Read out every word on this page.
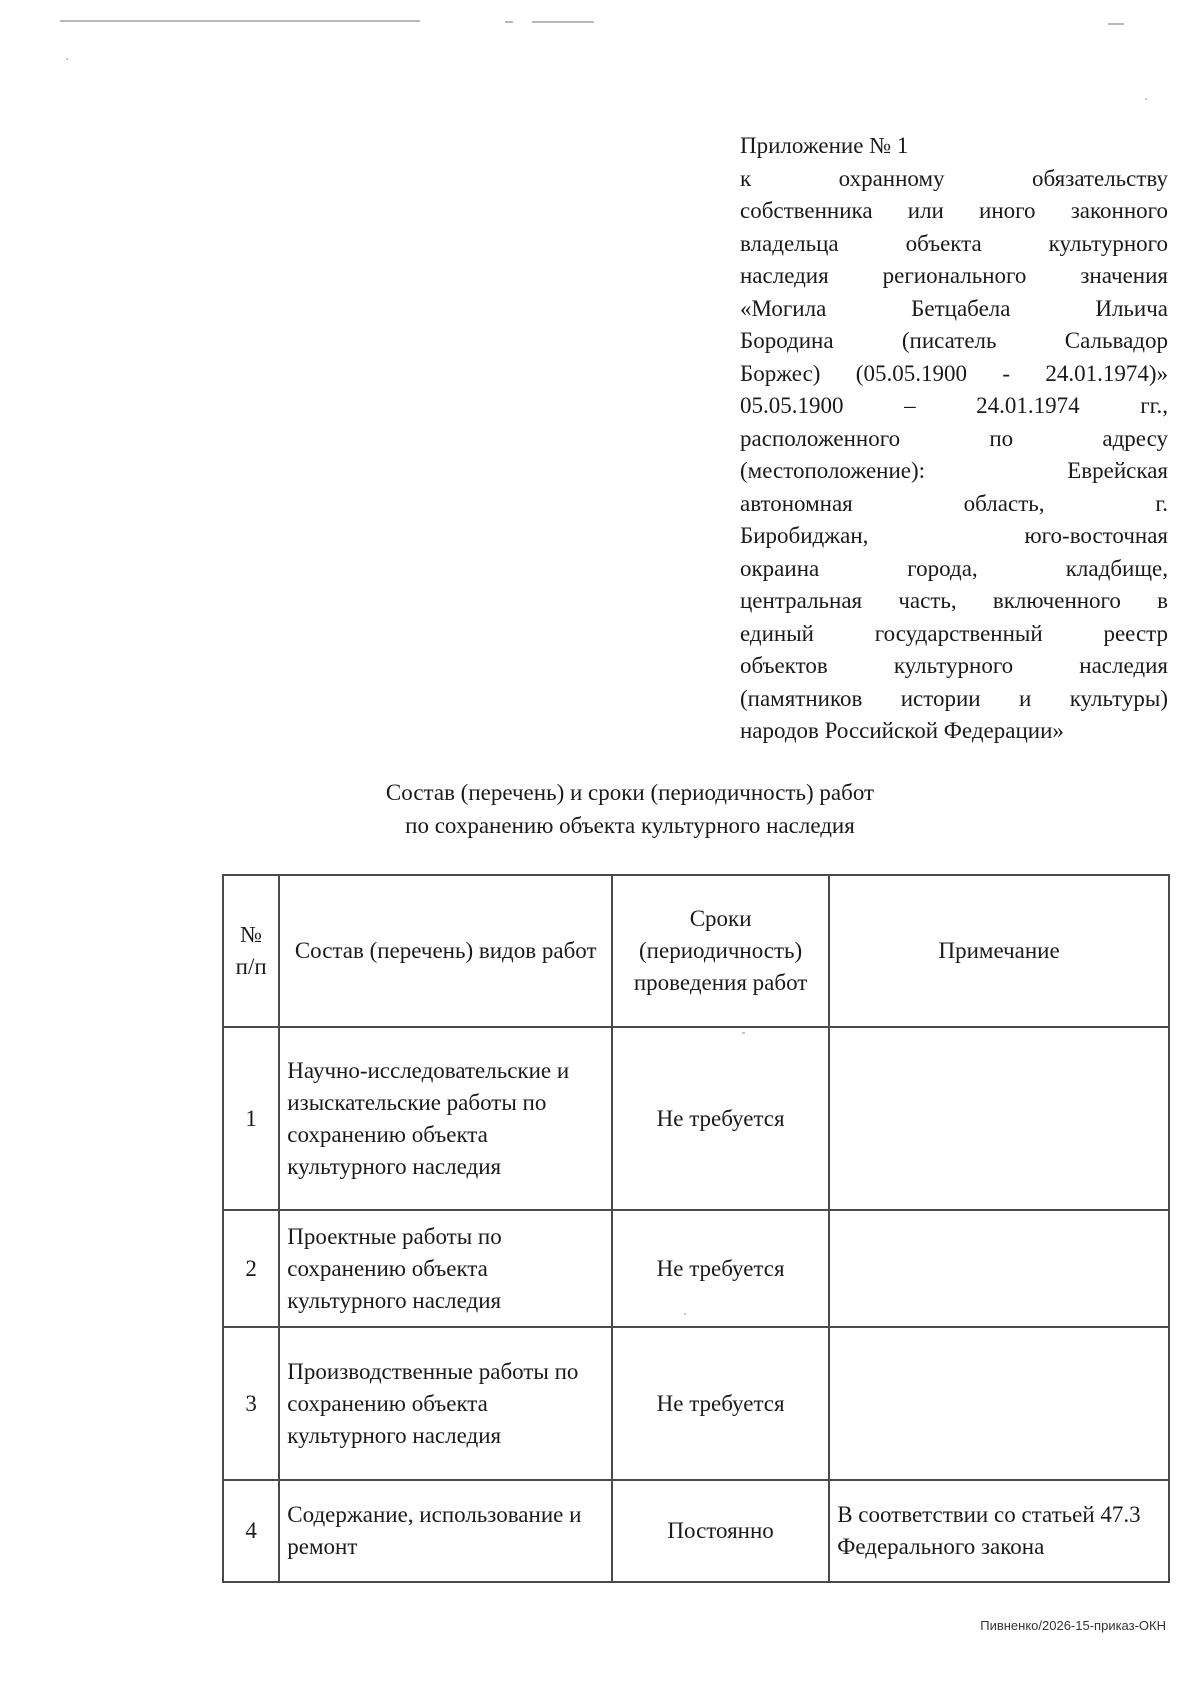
Приложение № 1
к охранному обязательству
собственника или иного законного
владельца объекта культурного
наследия регионального значения
«Могила Бетцабела Ильича
Бородина (писатель Сальвадор
Боржес) (05.05.1900 - 24.01.1974)»
05.05.1900 – 24.01.1974 гг.,
расположенного по адресу
(местоположение): Еврейская
автономная область, г.
Биробиджан, юго-восточная
окраина города, кладбище,
центральная часть, включенного в
единый государственный реестр
объектов культурного наследия
(памятников истории и культуры)
народов Российской Федерации»
Состав (перечень) и сроки (периодичность) работ
по сохранению объекта культурного наследия
№ п/п	Состав (перечень) видов работ	Сроки (периодичность) проведения работ	Примечание
1	Научно-исследовательские и изыскательские работы по сохранению объекта культурного наследия	Не требуется	
2	Проектные работы по сохранению объекта культурного наследия	Не требуется	
3	Производственные работы по сохранению объекта культурного наследия	Не требуется	
4	Содержание, использование и ремонт	Постоянно	В соответствии со статьей 47.3 Федерального закона
Пивненко/2026-15-приказ-ОКН
